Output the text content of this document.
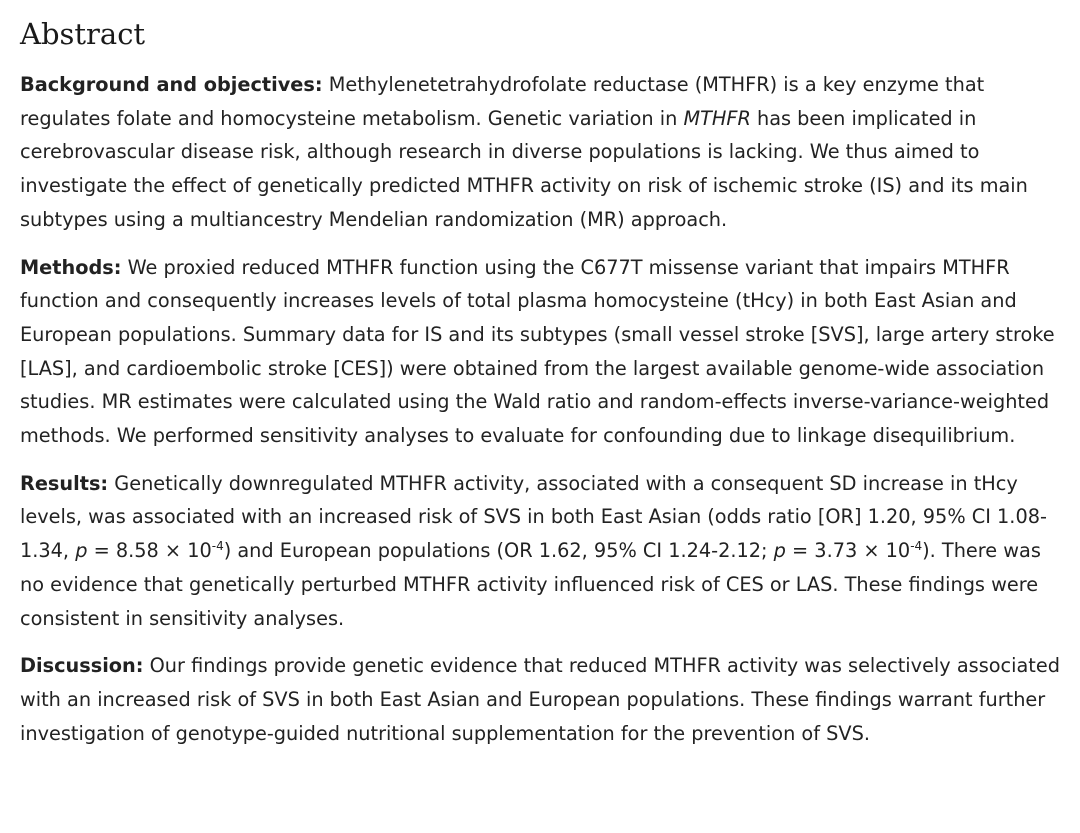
Abstract

Background and objectives: Methylenetetrahydrofolate reductase (MTHFR) is a key enzyme that regulates folate and homocysteine metabolism. Genetic variation in MTHFR has been implicated in cerebrovascular disease risk, although research in diverse populations is lacking. We thus aimed to investigate the effect of genetically predicted MTHFR activity on risk of ischemic stroke (IS) and its main subtypes using a multiancestry Mendelian randomization (MR) approach.

Methods: We proxied reduced MTHFR function using the C677T missense variant that impairs MTHFR function and consequently increases levels of total plasma homocysteine (tHcy) in both East Asian and European populations. Summary data for IS and its subtypes (small vessel stroke [SVS], large artery stroke [LAS], and cardioembolic stroke [CES]) were obtained from the largest available genome-wide association studies. MR estimates were calculated using the Wald ratio and random-effects inverse-variance-weighted methods. We performed sensitivity analyses to evaluate for confounding due to linkage disequilibrium.

Results: Genetically downregulated MTHFR activity, associated with a consequent SD increase in tHcy levels, was associated with an increased risk of SVS in both East Asian (odds ratio [OR] 1.20, 95% CI 1.08-1.34, $p = 8.58 \times 10^{-4}$) and European populations (OR 1.62, 95% CI 1.24-2.12; $p = 3.73 \times 10^{-4}$). There was no evidence that genetically perturbed MTHFR activity influenced risk of CES or LAS. These findings were consistent in sensitivity analyses.

Discussion: Our findings provide genetic evidence that reduced MTHFR activity was selectively associated with an increased risk of SVS in both East Asian and European populations. These findings warrant further investigation of genotype-guided nutritional supplementation for the prevention of SVS.
